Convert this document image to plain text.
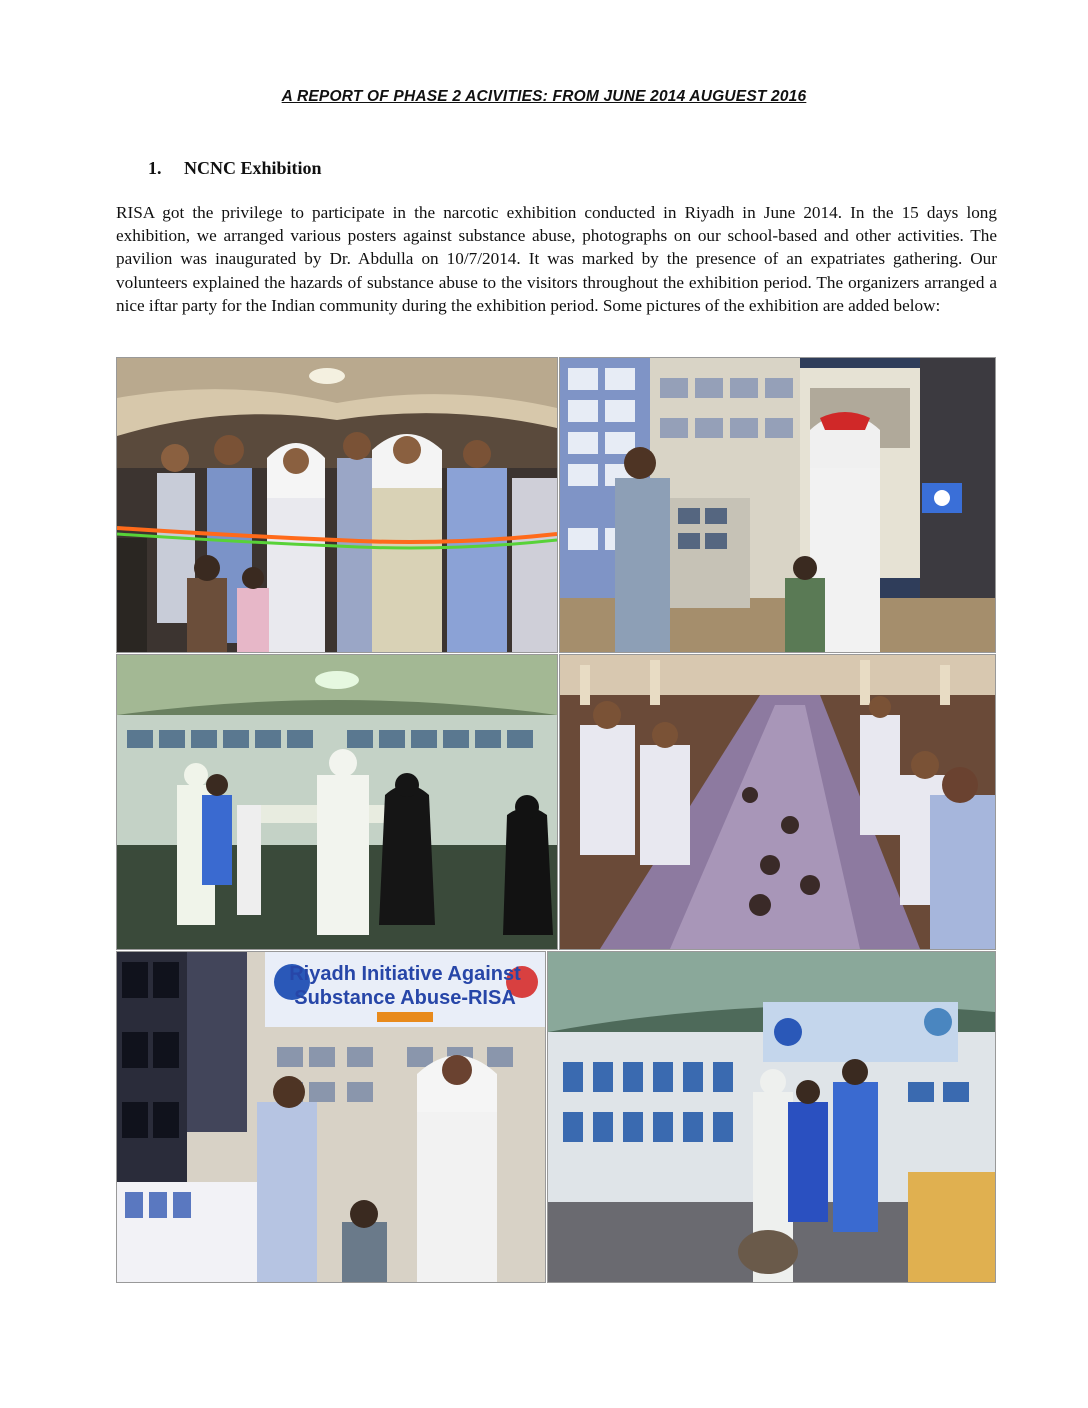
A REPORT OF PHASE 2 ACIVITIES: FROM JUNE 2014 AUGUEST 2016
1. NCNC Exhibition

RISA got the privilege to participate in the narcotic exhibition conducted in Riyadh in June 2014. In the 15 days long exhibition, we arranged various posters against substance abuse, photographs on our school-based and other activities. The pavilion was inaugurated by Dr. Abdulla on 10/7/2014. It was marked by the presence of an expatriates gathering. Our volunteers explained the hazards of substance abuse to the visitors throughout the exhibition period. The organizers arranged a nice iftar party for the Indian community during the exhibition period. Some pictures of the exhibition are added below:

Riyadh Initiative Against
Substance Abuse-RISA
